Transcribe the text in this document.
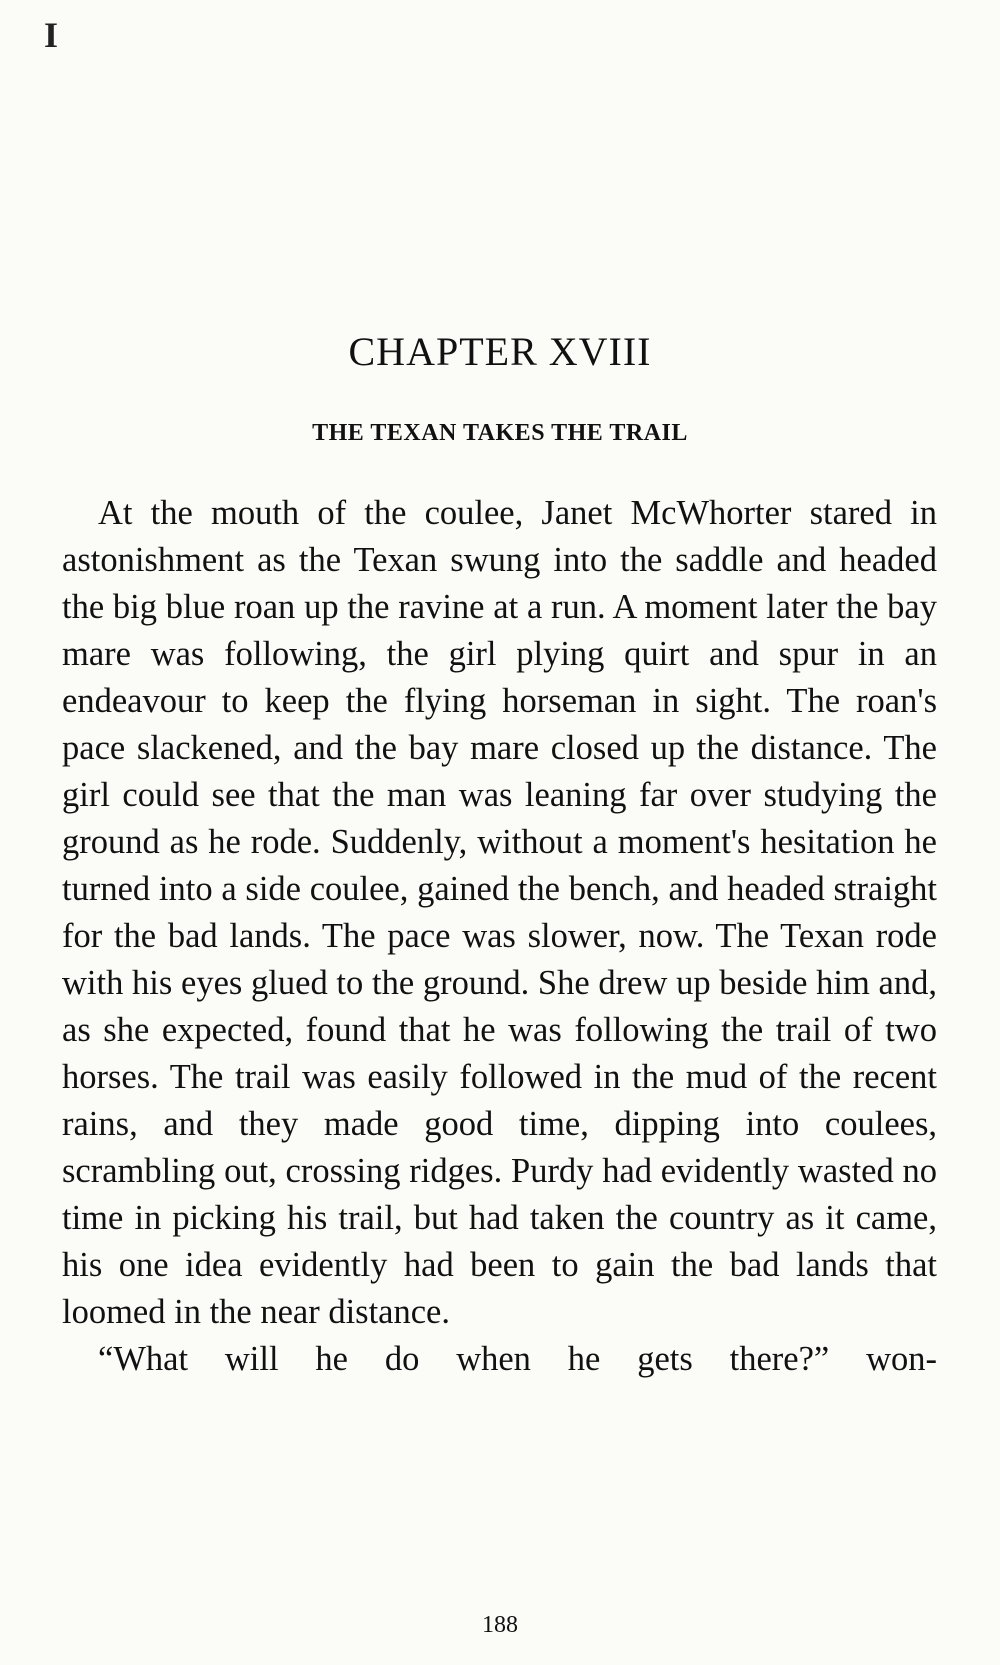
I
CHAPTER XVIII
THE TEXAN TAKES THE TRAIL

At the mouth of the coulee, Janet McWhorter stared in astonishment as the Texan swung into the saddle and headed the big blue roan up the ravine at a run. A moment later the bay mare was following, the girl plying quirt and spur in an endeavour to keep the flying horseman in sight. The roan's pace slackened, and the bay mare closed up the distance. The girl could see that the man was leaning far over studying the ground as he rode. Suddenly, without a moment's hesitation he turned into a side coulee, gained the bench, and headed straight for the bad lands. The pace was slower, now. The Texan rode with his eyes glued to the ground. She drew up beside him and, as she expected, found that he was following the trail of two horses. The trail was easily followed in the mud of the recent rains, and they made good time, dipping into coulees, scrambling out, crossing ridges. Purdy had evidently wasted no time in picking his trail, but had taken the country as it came, his one idea evidently had been to gain the bad lands that loomed in the near distance.

“What will he do when he gets there?” won-

188
